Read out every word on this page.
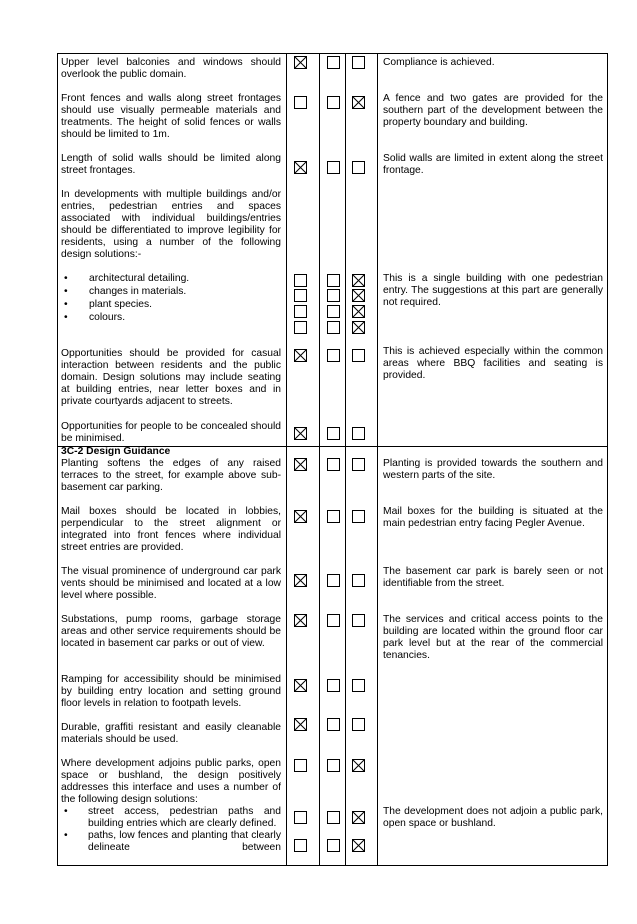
Upper level balconies and windows should overlook the public domain.
Compliance is achieved.
Front fences and walls along street frontages should use visually permeable materials and treatments. The height of solid fences or walls should be limited to 1m.
A fence and two gates are provided for the southern part of the development between the property boundary and building.
Length of solid walls should be limited along street frontages.
Solid walls are limited in extent along the street frontage.
In developments with multiple buildings and/or entries, pedestrian entries and spaces associated with individual buildings/entries should be differentiated to improve legibility for residents, using a number of the following design solutions:-
• architectural detailing.
• changes in materials.
• plant species.
• colours.
This is a single building with one pedestrian entry. The suggestions at this part are generally not required.
Opportunities should be provided for casual interaction between residents and the public domain. Design solutions may include seating at building entries, near letter boxes and in private courtyards adjacent to streets.
This is achieved especially within the common areas where BBQ facilities and seating is provided.
Opportunities for people to be concealed should be minimised.
3C-2 Design Guidance
Planting softens the edges of any raised terraces to the street, for example above sub-basement car parking.
Planting is provided towards the southern and western parts of the site.
Mail boxes should be located in lobbies, perpendicular to the street alignment or integrated into front fences where individual street entries are provided.
Mail boxes for the building is situated at the main pedestrian entry facing Pegler Avenue.
The visual prominence of underground car park vents should be minimised and located at a low level where possible.
The basement car park is barely seen or not identifiable from the street.
Substations, pump rooms, garbage storage areas and other service requirements should be located in basement car parks or out of view.
The services and critical access points to the building are located within the ground floor car park level but at the rear of the commercial tenancies.
Ramping for accessibility should be minimised by building entry location and setting ground floor levels in relation to footpath levels.
Durable, graffiti resistant and easily cleanable materials should be used.
Where development adjoins public parks, open space or bushland, the design positively addresses this interface and uses a number of the following design solutions:
• street access, pedestrian paths and building entries which are clearly defined.
• paths, low fences and planting that clearly delineate between
The development does not adjoin a public park, open space or bushland.
